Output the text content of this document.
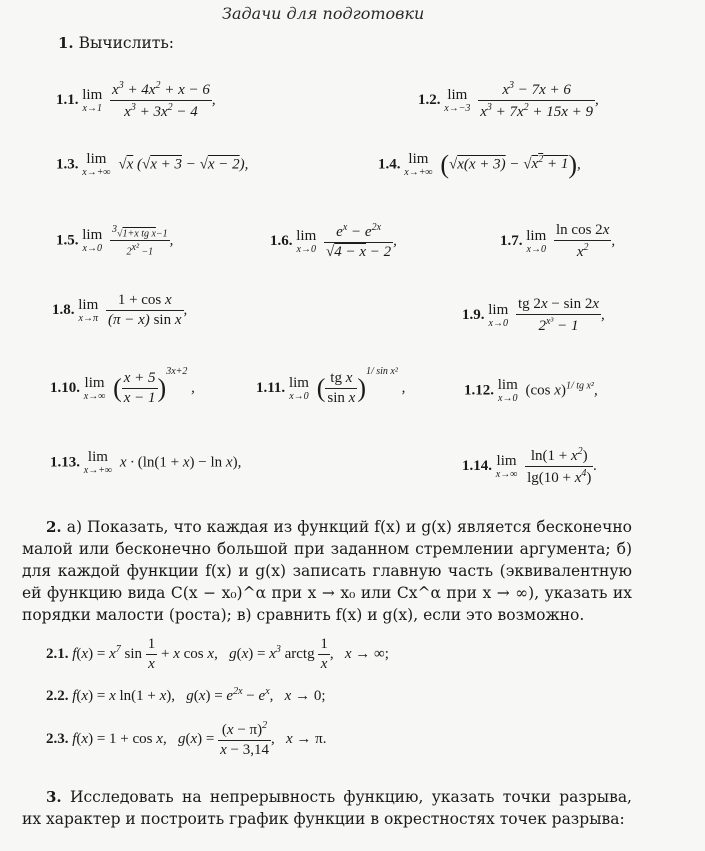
Задачи для подготовки
1. Вычислить:
1.1. lim
x→1
$\frac{x^3 + 4x^2 + x - 6}{x^3 + 3x^2 - 4}$ ,	1.2. lim
x→−3
$\frac{x^3 - 7x + 6}{x^3 + 7x^2 + 15x + 9}$ ,
1.3. lim
x→+∞
√x (√x + 3 − √x − 2),	1.4. lim
x→+∞ $(√x(x + 3) - √x^2 + 1)$,
1.5. lim
x→0
$\frac{^3√1+x tg x-1}{2^{x^2} -1}$ ,	1.6. lim
x→0
$\frac{e^x - e^{2x}}{√4 - x - 2}$ ,	1.7. lim
x→0
$\frac{\text{ln cos 2x}}{x^2}$ ,
1.8. lim
x→π
$\frac{\text{1 + cos x}}{\text{(π − x) sin x}}$ ,	1.9. lim
x→0
$\frac{tg 2x - \sin 2x}{2^{x^3} - 1}$ ,
1.10. lim
x→∞ ( $\frac{x + 5}{x - 1} )^{3x+2}$ ,	1.11. lim
x→0 ( $\frac{\text{tg x}}{\text{sin x}} )^{1/ sin x^2}$ ,	1.12. lim
x→0
(cos x)$^{1/ tg x^2}$,
1.13. lim
x→+∞
x · (ln(1 + x) − ln x),	1.14. lim
x→∞
$\frac{\ln(1 + x^2)}{\lg(10 + x^4)}$ .
2. а) Показать, что каждая из функций f(x) и g(x) является бесконечно малой или бесконечно большой при заданном стремлении аргумента; б) для каждой функции f(x) и g(x) записать главную часть (эквивалентную ей функцию вида C(x − x₀)^α при x → x₀ или Cx^α при x → ∞), указать их порядки малости (роста); в) сравнить f(x) и g(x), если это возможно.
2.1. $f(x) = x^7$ $\sin \frac{1}{x} + x$ cos x,   $g(x) = x^3$ arctg $\frac{1}{x}$ ,   x → ∞;
2.2. f(x) = x ln(1 + x),   $g(x) = e^{2x} - e^x$,   x → 0;
2.3. f(x) = 1 + cos x,   $g(x) = \frac{(x - \pi)^2}{x - 3,14}$ ,   x → π.
3. Исследовать на непрерывность функцию, указать точки разрыва, их характер и построить график функции в окрестностях точек разрыва:
